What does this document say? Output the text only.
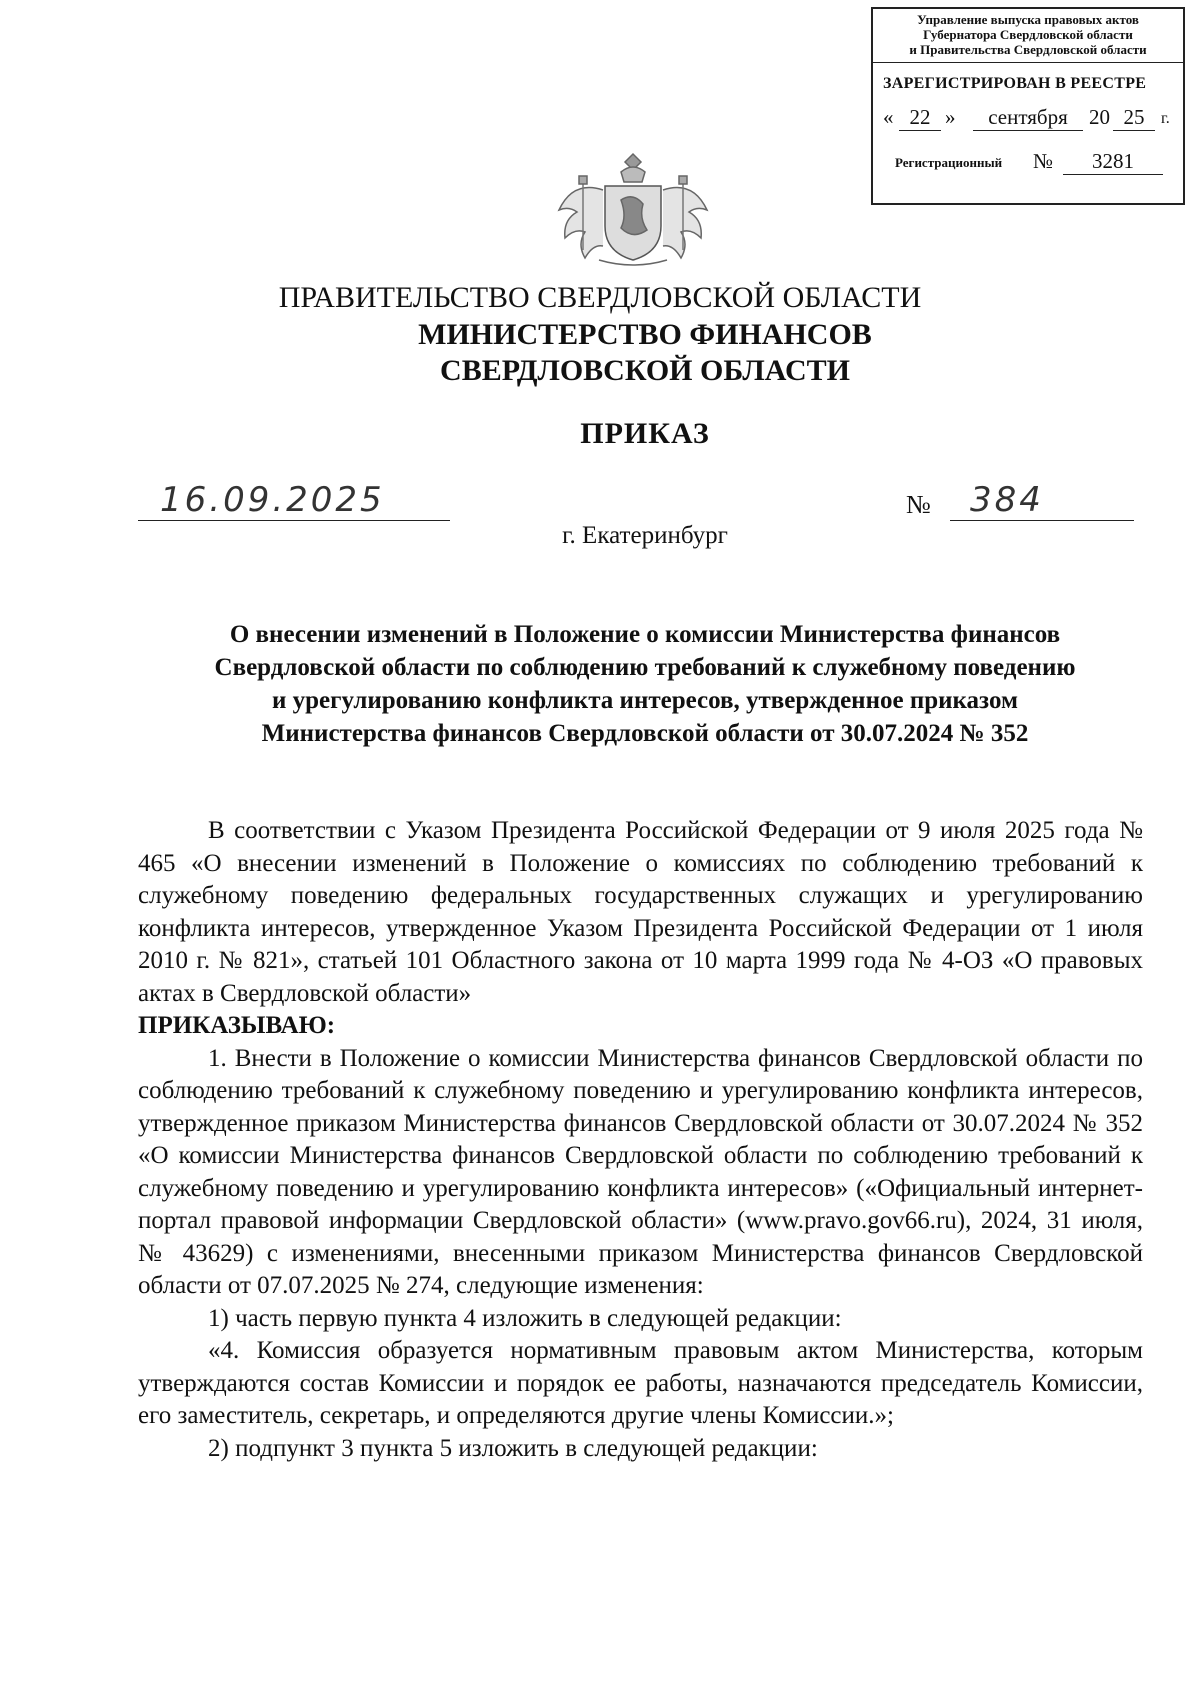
Управление выпуска правовых актов
Губернатора Свердловской области
и Правительства Свердловской области
ЗАРЕГИСТРИРОВАН В РЕЕСТРЕ
« 22 »	сентября	20 25	г.
Регистрационный №	3281
ПРАВИТЕЛЬСТВО СВЕРДЛОВСКОЙ ОБЛАСТИ
МИНИСТЕРСТВО ФИНАНСОВ
СВЕРДЛОВСКОЙ ОБЛАСТИ
ПРИКАЗ
16.09.2025	№ 384
г. Екатеринбург
О внесении изменений в Положение о комиссии Министерства финансов
Свердловской области по соблюдению требований к служебному поведению
и урегулированию конфликта интересов, утвержденное приказом
Министерства финансов Свердловской области от 30.07.2024 № 352

В соответствии с Указом Президента Российской Федерации от 9 июля 2025 года № 465 «О внесении изменений в Положение о комиссиях по соблюдению требований к служебному поведению федеральных государственных служащих и урегулированию конфликта интересов, утвержденное Указом Президента Российской Федерации от 1 июля 2010 г. № 821», статьей 101 Областного закона от 10 марта 1999 года № 4-ОЗ «О правовых актах в Свердловской области»

ПРИКАЗЫВАЮ:

1. Внести в Положение о комиссии Министерства финансов Свердловской области по соблюдению требований к служебному поведению и урегулированию конфликта интересов, утвержденное приказом Министерства финансов Свердловской области от 30.07.2024 № 352 «О комиссии Министерства финансов Свердловской области по соблюдению требований к служебному поведению и урегулированию конфликта интересов» («Официальный интернет-портал правовой информации Свердловской области» (www.pravo.gov66.ru), 2024, 31 июля, № 43629) с изменениями, внесенными приказом Министерства финансов Свердловской области от 07.07.2025 № 274, следующие изменения:

1) часть первую пункта 4 изложить в следующей редакции:

«4. Комиссия образуется нормативным правовым актом Министерства, которым утверждаются состав Комиссии и порядок ее работы, назначаются председатель Комиссии, его заместитель, секретарь, и определяются другие члены Комиссии.»;

2) подпункт 3 пункта 5 изложить в следующей редакции:
